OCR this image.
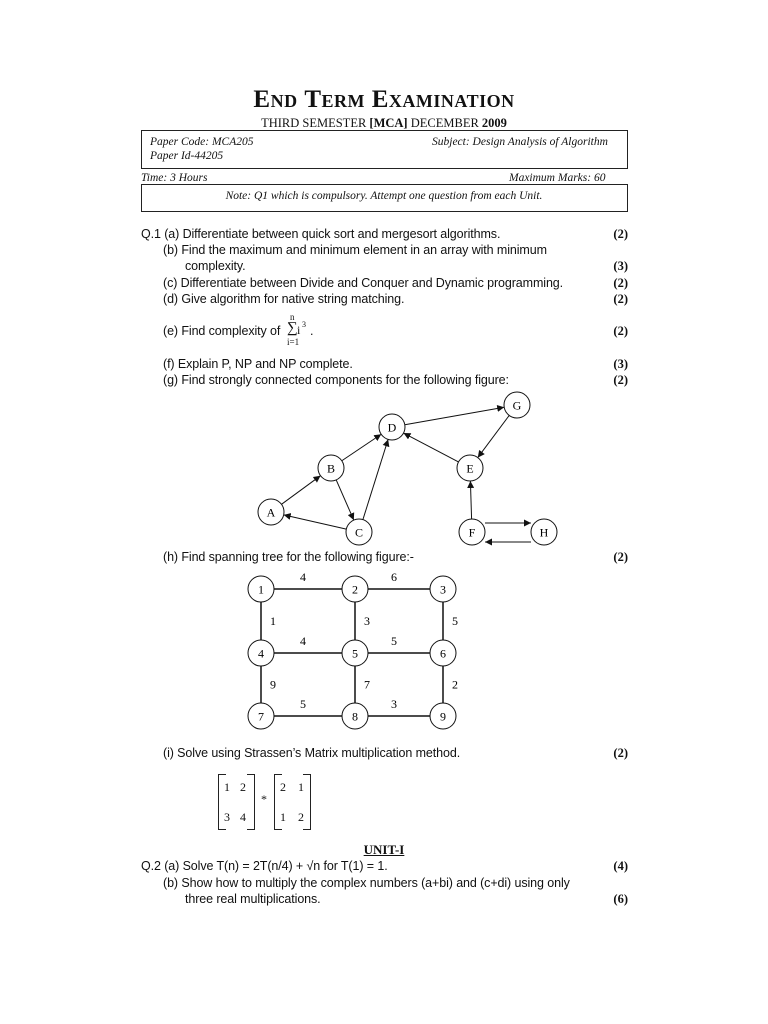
End Term Examination
THIRD SEMESTER [MCA] DECEMBER 2009
Paper Code: MCA205
Paper Id-44205
Subject: Design Analysis of Algorithm
Time: 3 Hours	Maximum Marks: 60
Note: Q1 which is compulsory. Attempt one question from each Unit.
Q.1 (a) Differentiate between quick sort and mergesort algorithms.	(2)
(b) Find the maximum and minimum element in an array with minimum
complexity.	(3)
(c) Differentiate between Divide and Conquer and Dynamic programming.	(2)
(d) Give algorithm for native string matching.	(2)
(e) Find complexity of
n
∑ i 3
i=1
.	(2)
(f) Explain P, NP and NP complete.	(3)
(g) Find strongly connected components for the following figure:	(2)
(h) Find spanning tree for the following figure:-	(2)
(i) Solve using Strassen’s Matrix multiplication method.	(2)
1 2
3 4
*
2 1
1 2
UNIT-I
Q.2 (a) Solve T(n) = 2T(n/4) + √n for T(1) = 1.	(4)
(b) Show how to multiply the complex numbers (a+bi) and (c+di) using only
three real multiplications.	(6)
A
B
C
D
E
F
G
H
4	6
1	3	5
4	5
9	7	2
5	3
1	2	3
4	5	6
7	8	9
